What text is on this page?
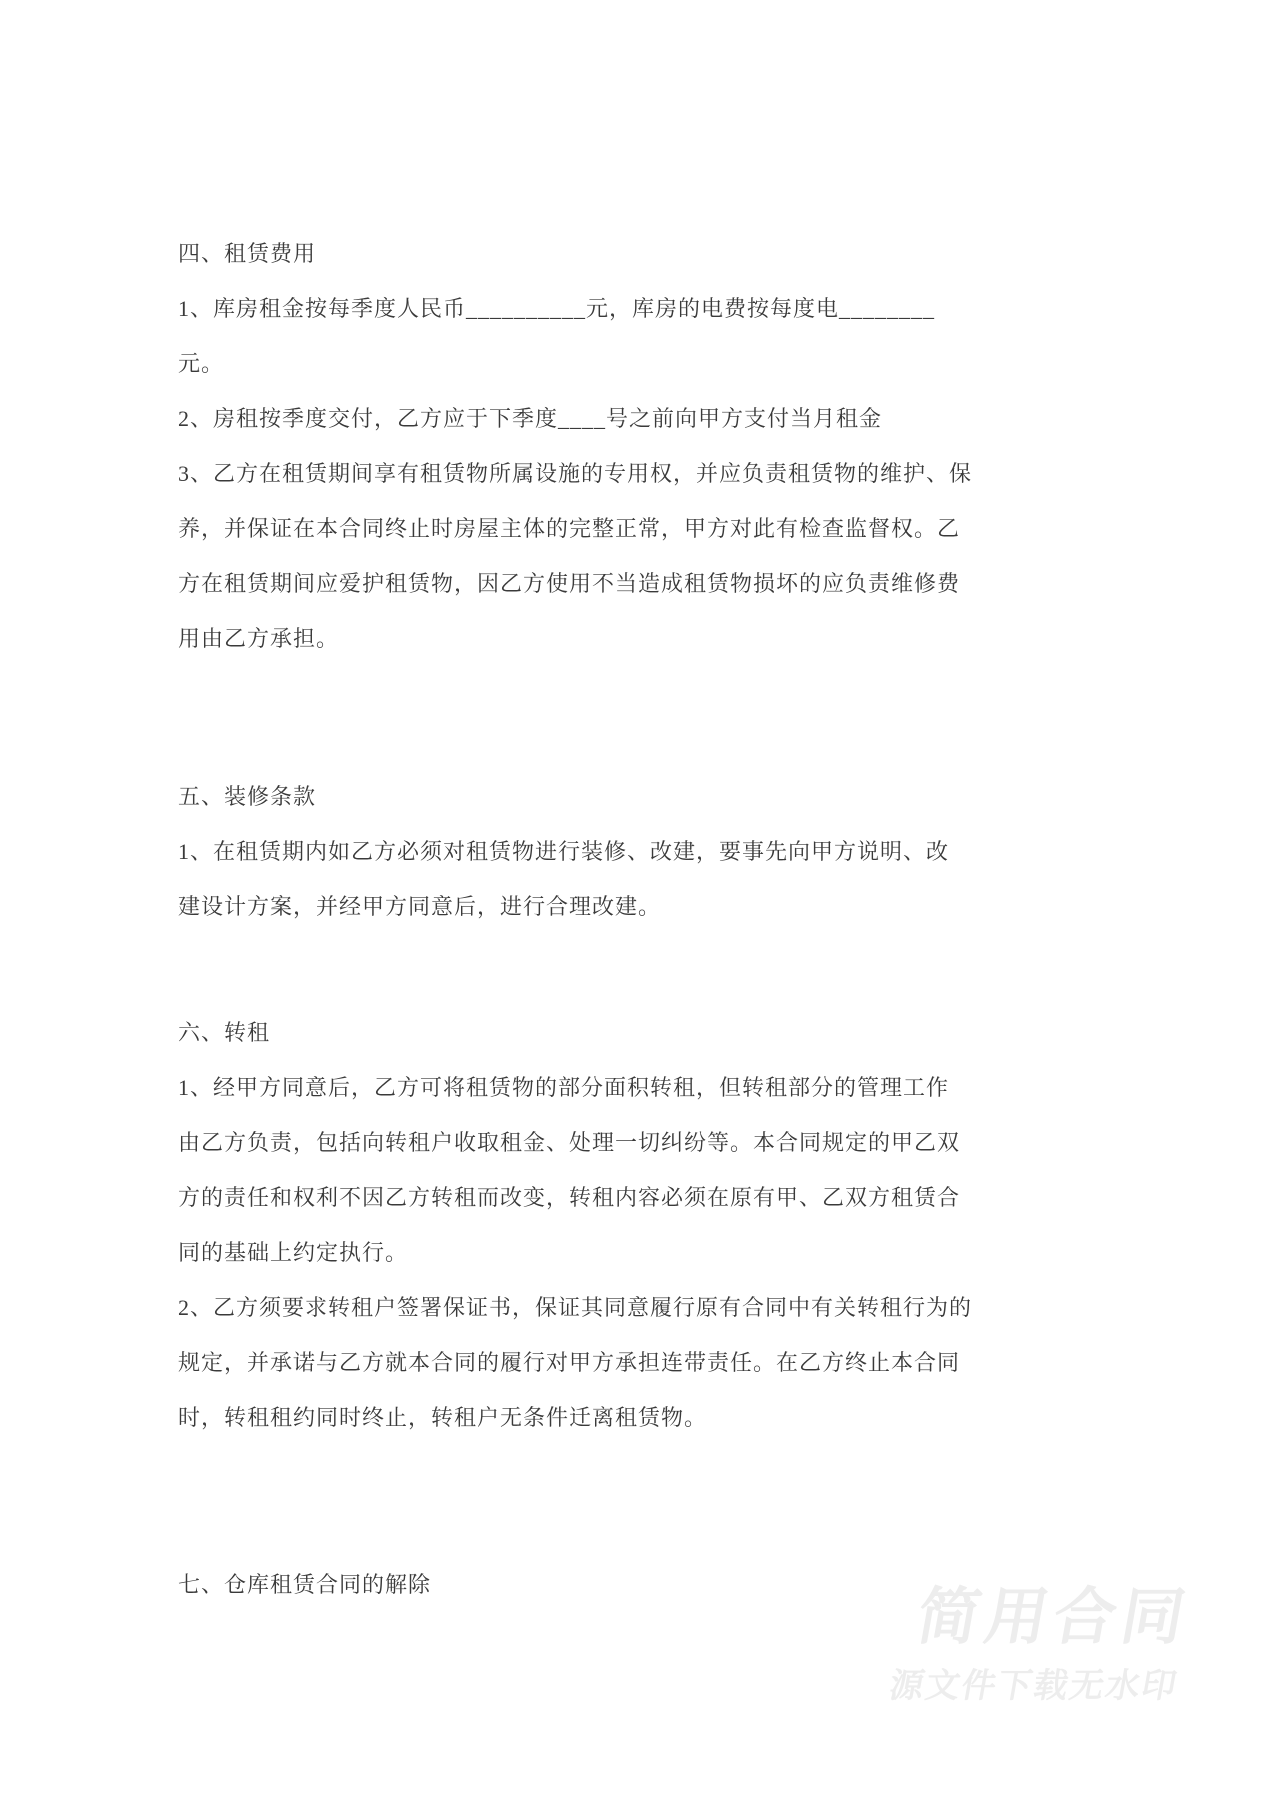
四、租赁费用
1、库房租金按每季度人民币__________元，库房的电费按每度电________
元。
2、房租按季度交付，乙方应于下季度____号之前向甲方支付当月租金
3、乙方在租赁期间享有租赁物所属设施的专用权，并应负责租赁物的维护、保
养，并保证在本合同终止时房屋主体的完整正常，甲方对此有检查监督权。乙
方在租赁期间应爱护租赁物，因乙方使用不当造成租赁物损坏的应负责维修费
用由乙方承担。
五、装修条款
1、在租赁期内如乙方必须对租赁物进行装修、改建，要事先向甲方说明、改
建设计方案，并经甲方同意后，进行合理改建。
六、转租
1、经甲方同意后，乙方可将租赁物的部分面积转租，但转租部分的管理工作
由乙方负责，包括向转租户收取租金、处理一切纠纷等。本合同规定的甲乙双
方的责任和权利不因乙方转租而改变，转租内容必须在原有甲、乙双方租赁合
同的基础上约定执行。
2、乙方须要求转租户签署保证书，保证其同意履行原有合同中有关转租行为的
规定，并承诺与乙方就本合同的履行对甲方承担连带责任。在乙方终止本合同
时，转租租约同时终止，转租户无条件迁离租赁物。
七、仓库租赁合同的解除	简用合同
源文件下载无水印
